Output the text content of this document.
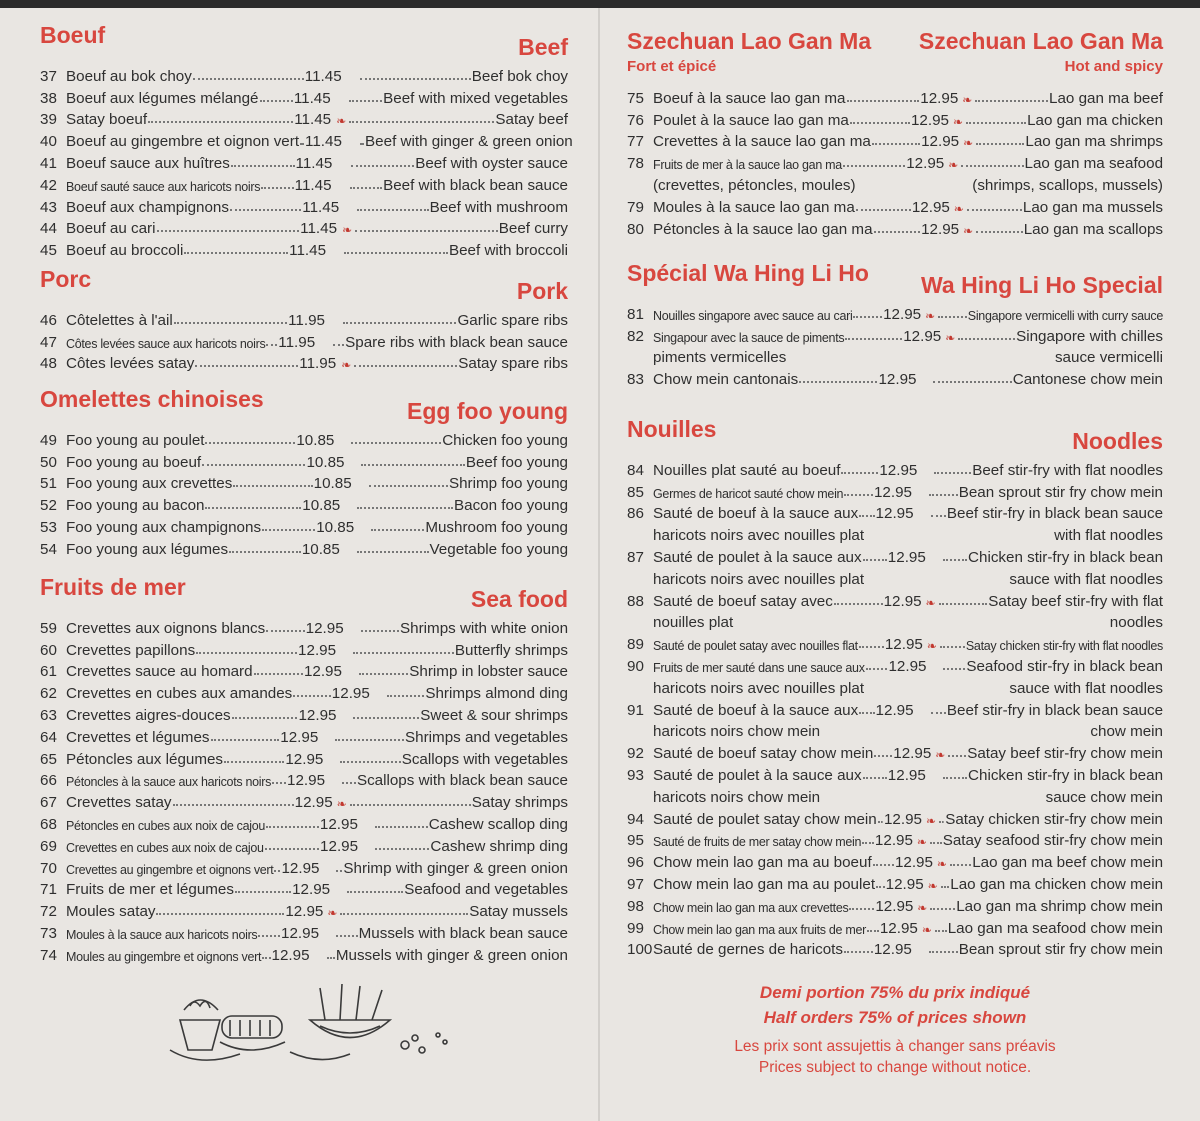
Boeuf	Beef
37 Boeuf au bok choy	11.45	Beef bok choy
38 Boeuf aux légumes mélangé 11.45	Beef with mixed vegetables
39 Satay boeuf	11.45 ❧	Satay beef
40 Boeuf au gingembre et oignon vert 11.45 Beef with ginger & green onion
41 Boeuf sauce aux huîtres	11.45	Beef with oyster sauce
42 Boeuf sauté sauce aux haricots noirs 11.45	Beef with black bean sauce
43 Boeuf aux champignons	11.45	Beef with mushroom
44 Boeuf au cari	11.45 ❧	Beef curry
45 Boeuf au broccoli	11.45	Beef with broccoli
Porc	Pork
46 Côtelettes à l'ail	11.95	Garlic spare ribs
47 Côtes levées sauce aux haricots noirs 11.95 Spare ribs with black bean sauce
48 Côtes levées satay	11.95 ❧	Satay spare ribs
Omelettes chinoises	Egg foo young
49 Foo young au poulet	10.85	Chicken foo young
50 Foo young au boeuf	10.85	Beef foo young
51 Foo young aux crevettes	10.85	Shrimp foo young
52 Foo young au bacon	10.85	Bacon foo young
53 Foo young aux champignons	10.85	Mushroom foo young
54 Foo young aux légumes	10.85	Vegetable foo young
Fruits de mer	Sea food
59 Crevettes aux oignons blancs	12.95	Shrimps with white onion
60 Crevettes papillons	12.95	Butterfly shrimps
61 Crevettes sauce au homard	12.95	Shrimp in lobster sauce
62 Crevettes en cubes aux amandes	12.95	Shrimps almond ding
63 Crevettes aigres-douces	12.95	Sweet & sour shrimps
64 Crevettes et légumes	12.95	Shrimps and vegetables
65 Pétoncles aux légumes	12.95	Scallops with vegetables
66 Pétoncles à la sauce aux haricots noirs 12.95 Scallops with black bean sauce
67 Crevettes satay	12.95 ❧	Satay shrimps
68 Pétoncles en cubes aux noix de cajou	12.95	Cashew scallop ding
69 Crevettes en cubes aux noix de cajou	12.95	Cashew shrimp ding
70 Crevettes au gingembre et oignons vert 12.95 Shrimp with ginger & green onion
71 Fruits de mer et légumes	12.95	Seafood and vegetables
72 Moules satay	12.95 ❧	Satay mussels
73 Moules à la sauce aux haricots noirs 12.95	Mussels with black bean sauce
74 Moules au gingembre et oignons vert 12.95 Mussels with ginger & green onion
Szechuan Lao Gan Ma
Fort et épicé
Szechuan Lao Gan Ma
Hot and spicy
75 Boeuf à la sauce lao gan ma	12.95 ❧	Lao gan ma beef
76 Poulet à la sauce lao gan ma	12.95 ❧	Lao gan ma chicken
77 Crevettes à la sauce lao gan ma	12.95 ❧	Lao gan ma shrimps
78 Fruits de mer à la sauce lao gan ma	12.95 ❧	Lao gan ma seafood
(crevettes, pétoncles, moules)	(shrimps, scallops, mussels)
79 Moules à la sauce lao gan ma	12.95 ❧	Lao gan ma mussels
80 Pétoncles à la sauce lao gan ma	12.95 ❧	Lao gan ma scallops
Spécial Wa Hing Li Ho Wa Hing Li Ho Special
81 Nouilles singapore avec sauce au cari 12.95 ❧	Singapore vermicelli with curry sauce
82 Singapour avec la sauce de piments	12.95 ❧	Singapore with chilles
piments vermicelles	sauce vermicelli
83 Chow mein cantonais	12.95	Cantonese chow mein
Nouilles	Noodles
84 Nouilles plat sauté au boeuf	12.95	Beef stir-fry with flat noodles
85 Germes de haricot sauté chow mein 12.95	Bean sprout stir fry chow mein
86 Sauté de boeuf à la sauce aux 12.95 Beef stir-fry in black bean sauce
haricots noirs avec nouilles plat	with flat noodles
87 Sauté de poulet à la sauce aux 12.95	Chicken stir-fry in black bean
haricots noirs avec nouilles plat	sauce with flat noodles
88 Sauté de boeuf satay avec	12.95 ❧	Satay beef stir-fry with flat
nouilles plat	noodles
89 Sauté de poulet satay avec nouilles flat 12.95 ❧ Satay chicken stir-fry with flat noodles
90 Fruits de mer sauté dans une sauce aux 12.95	Seafood stir-fry in black bean
haricots noirs avec nouilles plat	sauce with flat noodles
91 Sauté de boeuf à la sauce aux 12.95 Beef stir-fry in black bean sauce
haricots noirs chow mein	chow mein
92 Sauté de boeuf satay chow mein 12.95 ❧ Satay beef stir-fry chow mein
93 Sauté de poulet à la sauce aux 12.95	Chicken stir-fry in black bean
haricots noirs chow mein	sauce chow mein
94 Sauté de poulet satay chow mein 12.95 ❧ Satay chicken stir-fry chow mein
95 Sauté de fruits de mer satay chow mein 12.95 ❧ Satay seafood stir-fry chow mein
96 Chow mein lao gan ma au boeuf 12.95 ❧ Lao gan ma beef chow mein
97 Chow mein lao gan ma au poulet 12.95 ❧ Lao gan ma chicken chow mein
98 Chow mein lao gan ma aux crevettes 12.95 ❧ Lao gan ma shrimp chow mein
99 Chow mein lao gan ma aux fruits de mer 12.95 ❧ Lao gan ma seafood chow mein
100 Sauté de gernes de haricots 12.95	Bean sprout stir fry chow mein
Demi portion 75% du prix indiqué
Half orders 75% of prices shown
Les prix sont assujettis à changer sans préavis
Prices subject to change without notice.
